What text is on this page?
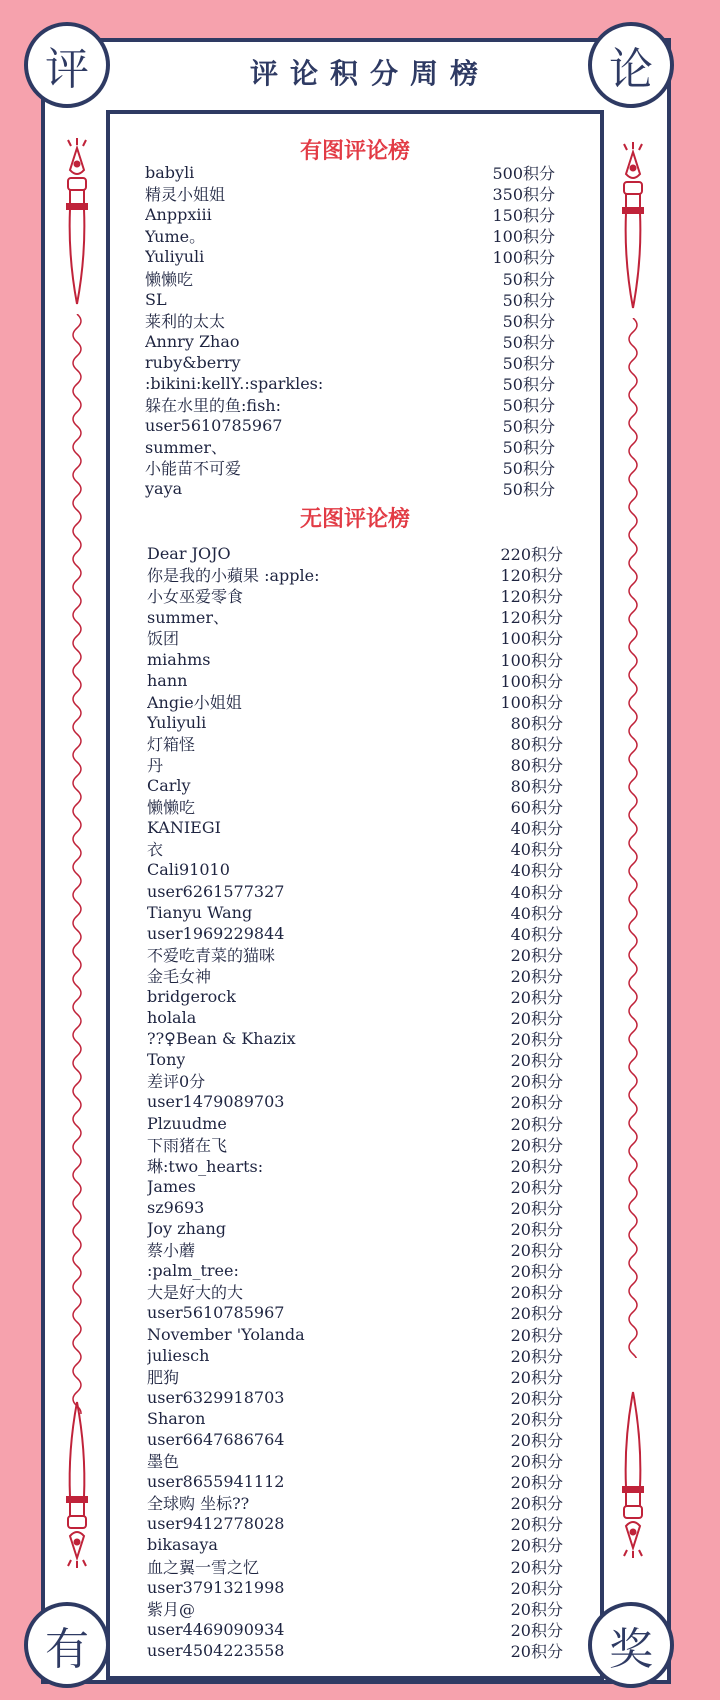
评	论
有	奖
评论积分周榜
有图评论榜
无图评论榜
babyli	500积分
精灵小姐姐	350积分
Anppxiii	150积分
Yume。	100积分
Yuliyuli	100积分
懒懒吃	50积分
SL	50积分
莱利的太太	50积分
Annry Zhao	50积分
ruby&berry	50积分
:bikini:kellY.:sparkles:	50积分
躲在水里的鱼:fish:	50积分
user5610785967	50积分
summer、	50积分
小能苗不可爱	50积分
yaya	50积分
Dear JOJO	220积分
你是我的小蘋果 :apple:	120积分
小女巫爱零食	120积分
summer、	120积分
饭团	100积分
miahms	100积分
hann	100积分
Angie小姐姐	100积分
Yuliyuli	80积分
灯箱怪	80积分
丹	80积分
Carly	80积分
懒懒吃	60积分
KANIEGI	40积分
衣	40积分
Cali91010	40积分
user6261577327	40积分
Tianyu Wang	40积分
user1969229844	40积分
不爱吃青菜的猫咪	20积分
金毛女神	20积分
bridgerock	20积分
holala	20积分
??♀Bean & Khazix	20积分
Tony	20积分
差评0分	20积分
user1479089703	20积分
Plzuudme	20积分
下雨猪在飞	20积分
琳:two_hearts:	20积分
James	20积分
sz9693	20积分
Joy zhang	20积分
蔡小蘑	20积分
:palm_tree:	20积分
大是好大的大	20积分
user5610785967	20积分
November 'Yolanda	20积分
juliesch	20积分
肥狗	20积分
user6329918703	20积分
Sharon	20积分
user6647686764	20积分
墨色	20积分
user8655941112	20积分
全球购 坐标??	20积分
user9412778028	20积分
bikasaya	20积分
血之翼一雪之忆	20积分
user3791321998	20积分
紫月@	20积分
user4469090934	20积分
user4504223558	20积分
